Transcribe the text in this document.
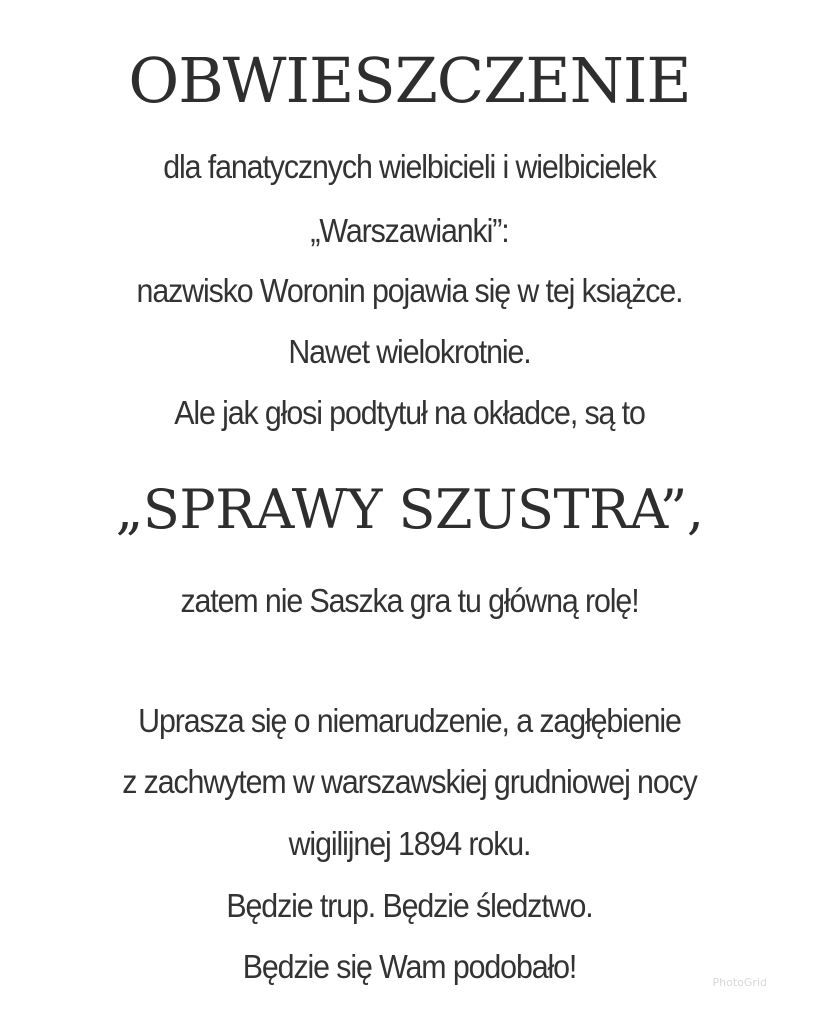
OBWIESZCZENIE
dla fanatycznych wielbicieli i wielbicielek
„Warszawianki”:
nazwisko Woronin pojawia się w tej książce.
Nawet wielokrotnie.
Ale jak głosi podtytuł na okładce, są to
„SPRAWY SZUSTRA”,
zatem nie Saszka gra tu główną rolę!
Uprasza się o niemarudzenie, a zagłębienie
z zachwytem w warszawskiej grudniowej nocy
wigilijnej 1894 roku.
Będzie trup. Będzie śledztwo.
Będzie się Wam podobało!	PhotoGrid
